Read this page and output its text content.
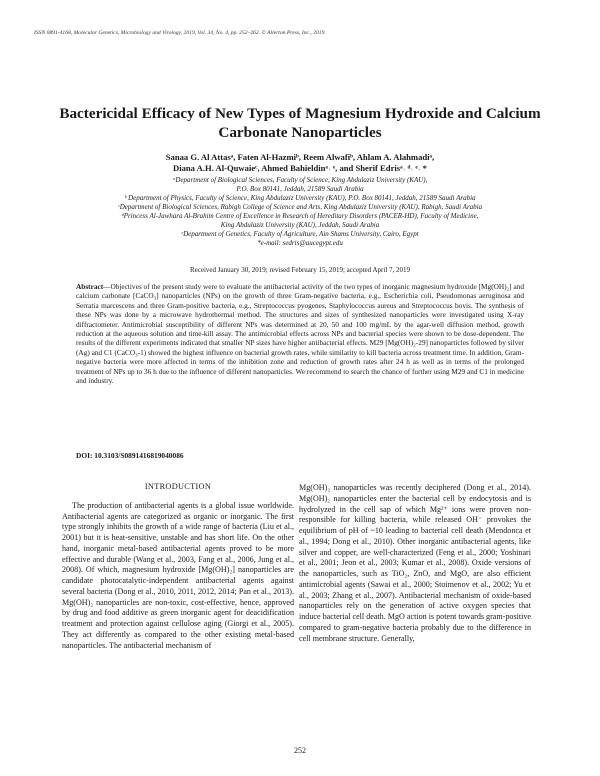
ISSN 0891-4168, Molecular Genetics, Microbiology and Virology, 2019, Vol. 34, No. 4, pp. 252–262. © Allerton Press, Inc., 2019.
Bactericidal Efficacy of New Types of Magnesium Hydroxide and Calcium Carbonate Nanoparticles
Sanaa G. Al Attasᵃ, Faten Al-Hazmiᵇ, Reem Alwafiᵇ, Ahlam A. Alahmadiᵃ,
Diana A.H. Al-Quwaieᶜ, Ahmed Bahieldinᵃ˒ ᵉ, and Sherif Edrisᵃ˒ ᵈ˒ ᵉ˒ *
ᵃDepartment of Biological Sciences, Faculty of Science, King Abdulaziz University (KAU),
P.O. Box 80141, Jeddah, 21589 Saudi Arabia
ᵇ Department of Physics, Faculty of Science, King Abdulaziz University (KAU), P.O. Box 80141, Jeddah, 21589 Saudi Arabia
ᶜDepartment of Biological Sciences, Rabigh College of Science and Arts, King Abdulaziz University (KAU), Rabigh, Saudi Arabia
ᵈPrincess Al-Jawhara Al-Brahim Centre of Excellence in Research of Hereditary Disorders (PACER-HD), Faculty of Medicine,
King Abdulaziz University (KAU), Jeddah, Saudi Arabia
ᵉDepartment of Genetics, Faculty of Agriculture, Ain Shams University, Cairo, Egypt
*e-mail: sedris@aucegypt.edu
Received January 30, 2019; revised February 15, 2019; accepted April 7, 2019
Abstract—Objectives of the present study were to evaluate the antibacterial activity of the two types of inorganic magnesium hydroxide [Mg(OH)₂] and calcium carbonate [CaCO₃] nanoparticles (NPs) on the growth of three Gram-negative bacteria, e.g., Escherichia coli, Pseudomonas aeruginosa and Serratia marcescens and three Gram-positive bacteria, e.g., Streptococcus pyogenes, Staphylococcus aureus and Streptococcus bovis. The synthesis of these NPs was done by a microwave hydrothermal method. The structures and sizes of synthesized nanoparticles were investigated using X-ray diffractometer. Antimicrobial susceptibility of different NPs was determined at 20, 50 and 100 mg/mL by the agar-well diffusion method, growth reduction at the aqueous solution and time-kill assay. The antimicrobial effects across NPs and bacterial species were shown to be dose-dependent. The results of the different experiments indicated that smaller NP sizes have higher antibacterial effects. M29 [Mg(OH)₂-29] nanoparticles followed by silver (Ag) and C1 (CaCO₃-1) showed the highest influence on bacterial growth rates, while similarity to kill bacteria across treatment time. In addition, Gram-negative bacteria were more affected in terms of the inhibition zone and reduction of growth rates after 24 h as well as in terms of the prolonged treatment of NPs up to 36 h due to the influence of different nanoparticles. We recommend to search the chance of further using M29 and C1 in medicine and industry.
DOI: 10.3103/S0891416819040086
INTRODUCTION

The production of antibacterial agents is a global issue worldwide. Antibacterial agents are categorized as organic or inorganic. The first type strongly inhibits the growth of a wide range of bacteria (Liu et al., 2001) but it is heat-sensitive, unstable and has short life. On the other hand, inorganic metal-based antibacterial agents proved to be more effective and durable (Wang et al., 2003, Fang et al., 2006, Jung et al., 2008). Of which, magnesium hydroxide [Mg(OH)₂] nanoparticles are candidate photocatalytic-independent antibacterial agents against several bacteria (Dong et al., 2010, 2011, 2012, 2014; Pan et al., 2013). Mg(OH)₂ nanoparticles are non-toxic, cost-effective, hence, approved by drug and food additive as green inorganic agent for deacidification treatment and protection against cellulose aging (Giorgi et al., 2005). They act differently as compared to the other existing metal-based nanoparticles. The antibacterial mechanism of

Mg(OH)₂ nanoparticles was recently deciphered (Dong et al., 2014). Mg(OH)₂ nanoparticles enter the bacterial cell by endocytosis and is hydrolyzed in the cell sap of which Mg²⁺ ions were proven non-responsible for killing bacteria, while released OH⁻ provokes the equilibrium of pH of ~10 leading to bacterial cell death (Mendonca et al., 1994; Dong et al., 2010). Other inorganic antibacterial agents, like silver and copper, are well-characterized (Feng et al., 2000; Yoshinari et al., 2001; Jeon et al., 2003; Kumar et al., 2008). Oxide versions of the nanoparticles, such as TiO₂, ZnO, and MgO, are also efficient antimicrobial agents (Sawai et al., 2000; Stoimenov et al., 2002; Yu et al., 2003; Zhang et al., 2007). Antibacterial mechanism of oxide-based nanoparticles rely on the generation of active oxygen species that induce bacterial cell death. MgO action is potent towards gram-positive compared to gram-negative bacteria probably due to the difference in cell membrane structure. Generally,

252
